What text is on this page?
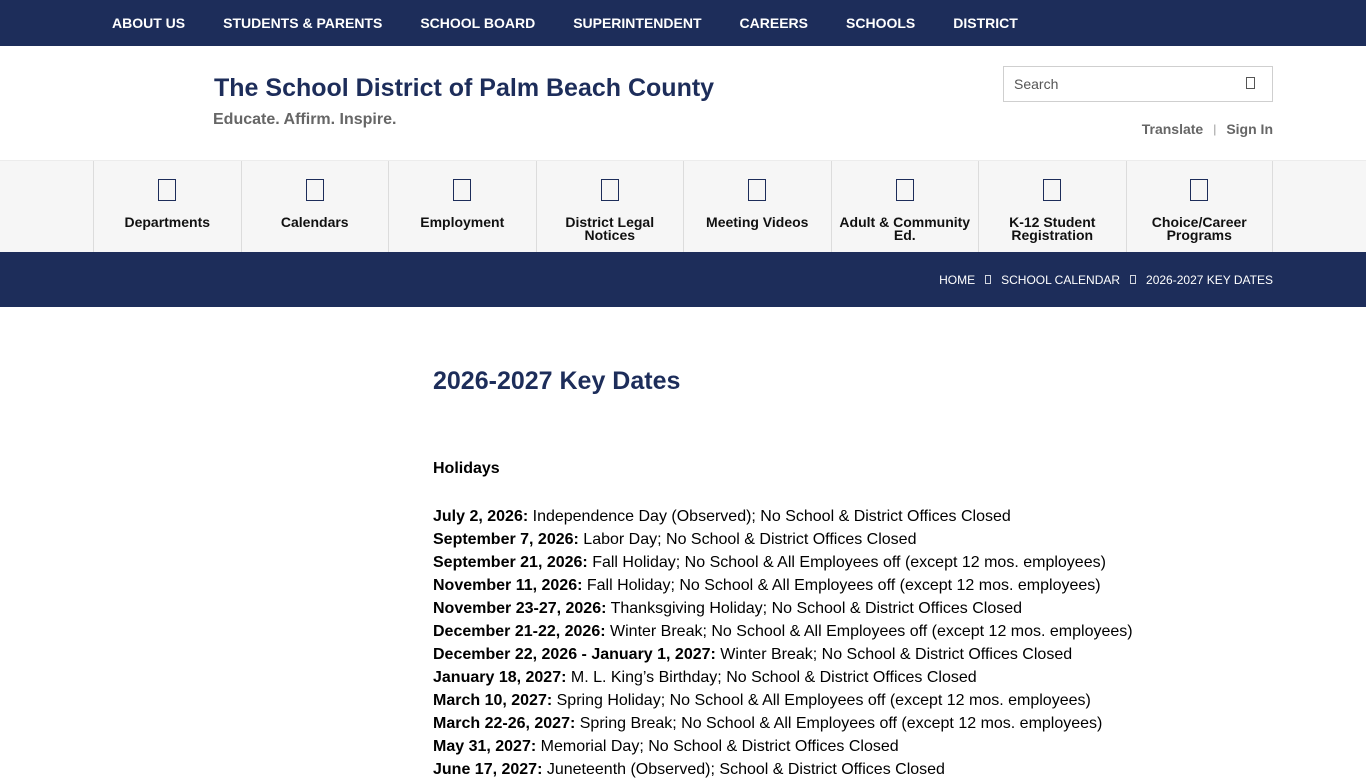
ABOUT US	STUDENTS & PARENTS	SCHOOL BOARD	SUPERINTENDENT	CAREERS	SCHOOLS	DISTRICT
The School District of Palm Beach County
Educate. Affirm. Inspire.
Search
Translate | Sign In
Departments	Calendars	Employment	District Legal Notices
Meeting Videos	Adult & Community Ed.
K-12 Student Registration
Choice/Career Programs
HOME SCHOOL CALENDAR 2026-2027 KEY DATES
2026-2027 Key Dates
Holidays
July 2, 2026: Independence Day (Observed); No School & District Offices Closed
September 7, 2026: Labor Day; No School & District Offices Closed
September 21, 2026: Fall Holiday; No School & All Employees off (except 12 mos. employees)
November 11, 2026: Fall Holiday; No School & All Employees off (except 12 mos. employees)
November 23-27, 2026: Thanksgiving Holiday; No School & District Offices Closed
December 21-22, 2026: Winter Break; No School & All Employees off (except 12 mos. employees)
December 22, 2026 - January 1, 2027: Winter Break; No School & District Offices Closed
January 18, 2027: M. L. King’s Birthday; No School & District Offices Closed
March 10, 2027: Spring Holiday; No School & All Employees off (except 12 mos. employees)
March 22-26, 2027: Spring Break; No School & All Employees off (except 12 mos. employees)
May 31, 2027: Memorial Day; No School & District Offices Closed
June 17, 2027: Juneteenth (Observed); School & District Offices Closed
